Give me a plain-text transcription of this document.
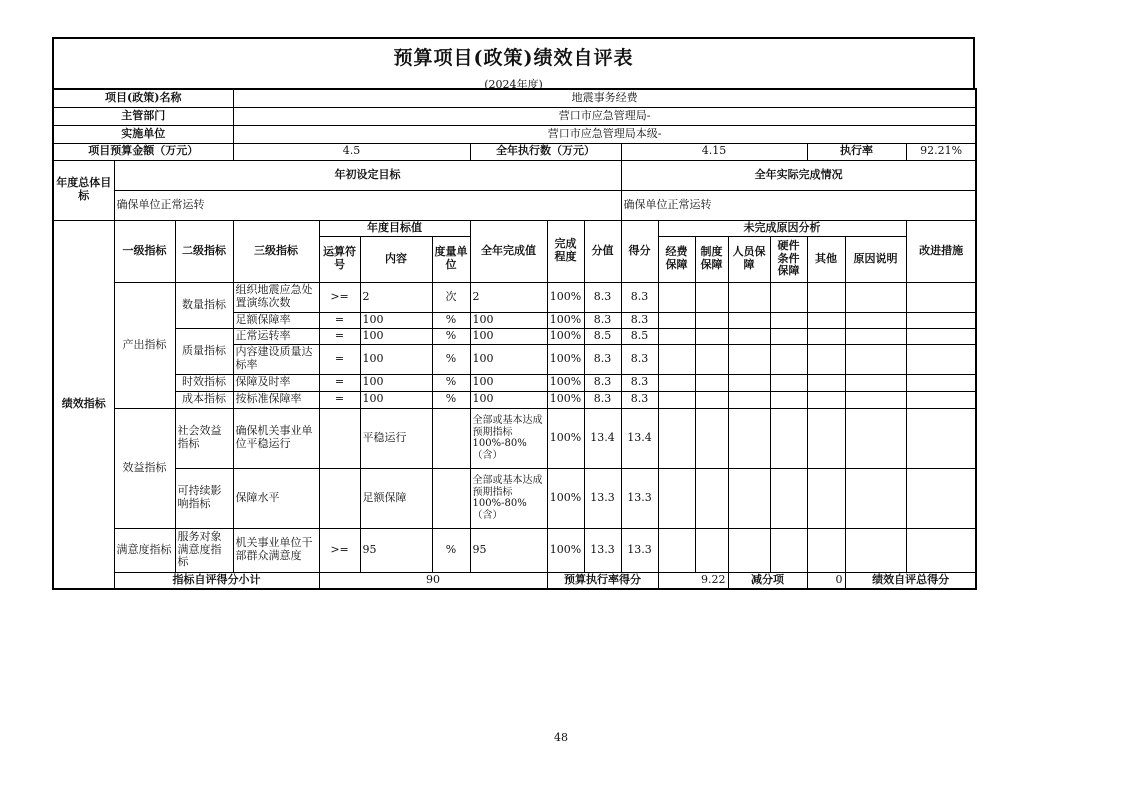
预算项目(政策)绩效自评表
(2024年度)
项目(政策)名称			地震事务经费															
主管部门			营口市应急管理局-															
实施单位			营口市应急管理局本级-															
项目预算金额（万元）			4.5				全年执行数（万元）			4.15					执行率		92.21%	
年度总体目标	年初设定目标									全年实际完成情况								
	确保单位正常运转									确保单位正常运转								
绩效指标	一级指标	二级指标	三级指标	年度目标值			全年完成值	完成程度	分值	得分	未完成原因分析						改进措施	
				运算符号	内容	度量单位					经费保障	制度保障	人员保障	硬件条件保障	其他	原因说明		
	产出指标	数量指标	组织地震应急处置演练次数	>=	2	次	2	100%	8.3	8.3								
			足额保障率	=	100	%	100	100%	8.3	8.3								
		质量指标	正常运转率	=	100	%	100	100%	8.5	8.5								
			内容建设质量达标率	=	100	%	100	100%	8.3	8.3								
		时效指标	保障及时率	=	100	%	100	100%	8.3	8.3								
		成本指标	按标准保障率	=	100	%	100	100%	8.3	8.3								
	效益指标	社会效益指标	确保机关事业单位平稳运行		平稳运行		全部或基本达成预期指标100%-80%（含）	100%	13.4	13.4								
		可持续影响指标	保障水平		足额保障		全部或基本达成预期指标100%-80%（含）	100%	13.3	13.3								
	满意度指标	服务对象满意度指标	机关事业单位干部群众满意度	>=	95	%	95	100%	13.3	13.3								
	指标自评得分小计			90				预算执行率得分			9.22		减分项		0	绩效自评总得分	
48
